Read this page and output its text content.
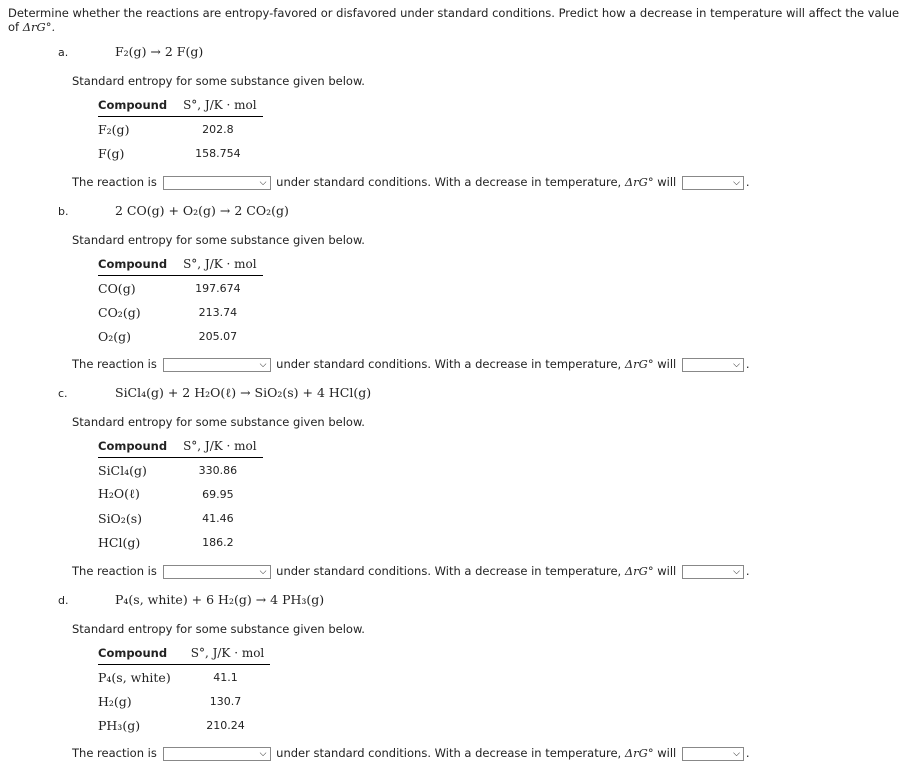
Determine whether the reactions are entropy-favored or disfavored under standard conditions. Predict how a decrease in temperature will affect the value of ΔrG°.
a.	F₂(g) → 2 F(g)
Standard entropy for some substance given below.
Compound	S°, J/K · mol
F₂(g)	202.8
F(g)	158.754
The reaction is	⌵ under standard conditions. With a decrease in temperature, ΔrG° will	⌵ .
b.	2 CO(g) + O₂(g) → 2 CO₂(g)
Standard entropy for some substance given below.
Compound	S°, J/K · mol
CO(g)	197.674
CO₂(g)	213.74
O₂(g)	205.07
The reaction is	⌵ under standard conditions. With a decrease in temperature, ΔrG° will	⌵ .
c.	SiCl₄(g) + 2 H₂O(ℓ) → SiO₂(s) + 4 HCl(g)
Standard entropy for some substance given below.
Compound	S°, J/K · mol
SiCl₄(g)	330.86
H₂O(ℓ)	69.95
SiO₂(s)	41.46
HCl(g)	186.2
The reaction is	⌵ under standard conditions. With a decrease in temperature, ΔrG° will	⌵ .
d.	P₄(s, white) + 6 H₂(g) → 4 PH₃(g)
Standard entropy for some substance given below.
Compound	S°, J/K · mol
P₄(s, white)	41.1
H₂(g)	130.7
PH₃(g)	210.24
The reaction is	⌵ under standard conditions. With a decrease in temperature, ΔrG° will	⌵ .
